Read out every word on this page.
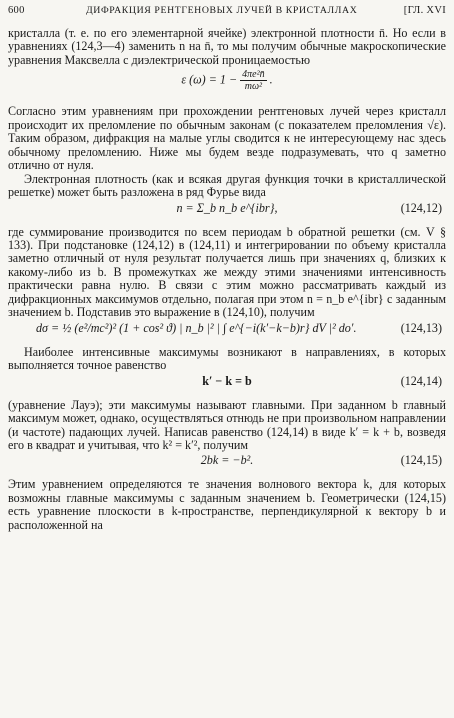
600	ДИФРАКЦИЯ РЕНТГЕНОВЫХ ЛУЧЕЙ В КРИСТАЛЛАХ	[ГЛ. XVI

кристалла (т. е. по его элементарной ячейке) электронной плотности n̄. Но если в уравнениях (124,3—4) заменить n на n̄, то мы получим обычные макроскопические уравнения Максвелла с диэлектрической проницаемостью

ε $(\omega) = 1 - \frac{\text{4πe²n̄}}{\text{mω²}}$ .

Согласно этим уравнениям при прохождении рентгеновых лучей через кристалл происходит их преломление по обычным законам (с показателем преломления √ε). Таким образом, дифракция на малые углы сводится к не интересующему нас здесь обычному преломлению. Ниже мы будем везде подразумевать, что q заметно отлично от нуля.

Электронная плотность (как и всякая другая функция точки в кристаллической решетке) может быть разложена в ряд Фурье вида

n = Σ_b n_b e^{ibr},	(124,12)

где суммирование производится по всем периодам b обратной решетки (см. V § 133). При подстановке (124,12) в (124,11) и интегрировании по объему кристалла заметно отличный от нуля результат получается лишь при значениях q, близких к какому-либо из b. В промежутках же между этими значениями интенсивность практически равна нулю. В связи с этим можно рассматривать каждый из дифракционных максимумов отдельно, полагая при этом n = n_b e^{ibr} с заданным значением b. Подставив это выражение в (124,10), получим

dσ = ½ (e²/mc²)² (1 + cos² ϑ) | n_b |² | ∫ e^{−i(k′−k−b)r} dV |² do′.	(124,13)

Наиболее интенсивные максимумы возникают в направлениях, в которых выполняется точное равенство

k′ − k = b	(124,14)

(уравнение Лауэ); эти максимумы называют главными. При заданном b главный максимум может, однако, осуществляться отнюдь не при произвольном направлении (и частоте) падающих лучей. Написав равенство (124,14) в виде k′ = k + b, возведя его в квадрат и учитывая, что k² = k′², получим

2bk = −b².	(124,15)

Этим уравнением определяются те значения волнового вектора k, для которых возможны главные максимумы с заданным значением b. Геометрически (124,15) есть уравнение плоскости в k-пространстве, перпендикулярной к вектору b и расположенной на
